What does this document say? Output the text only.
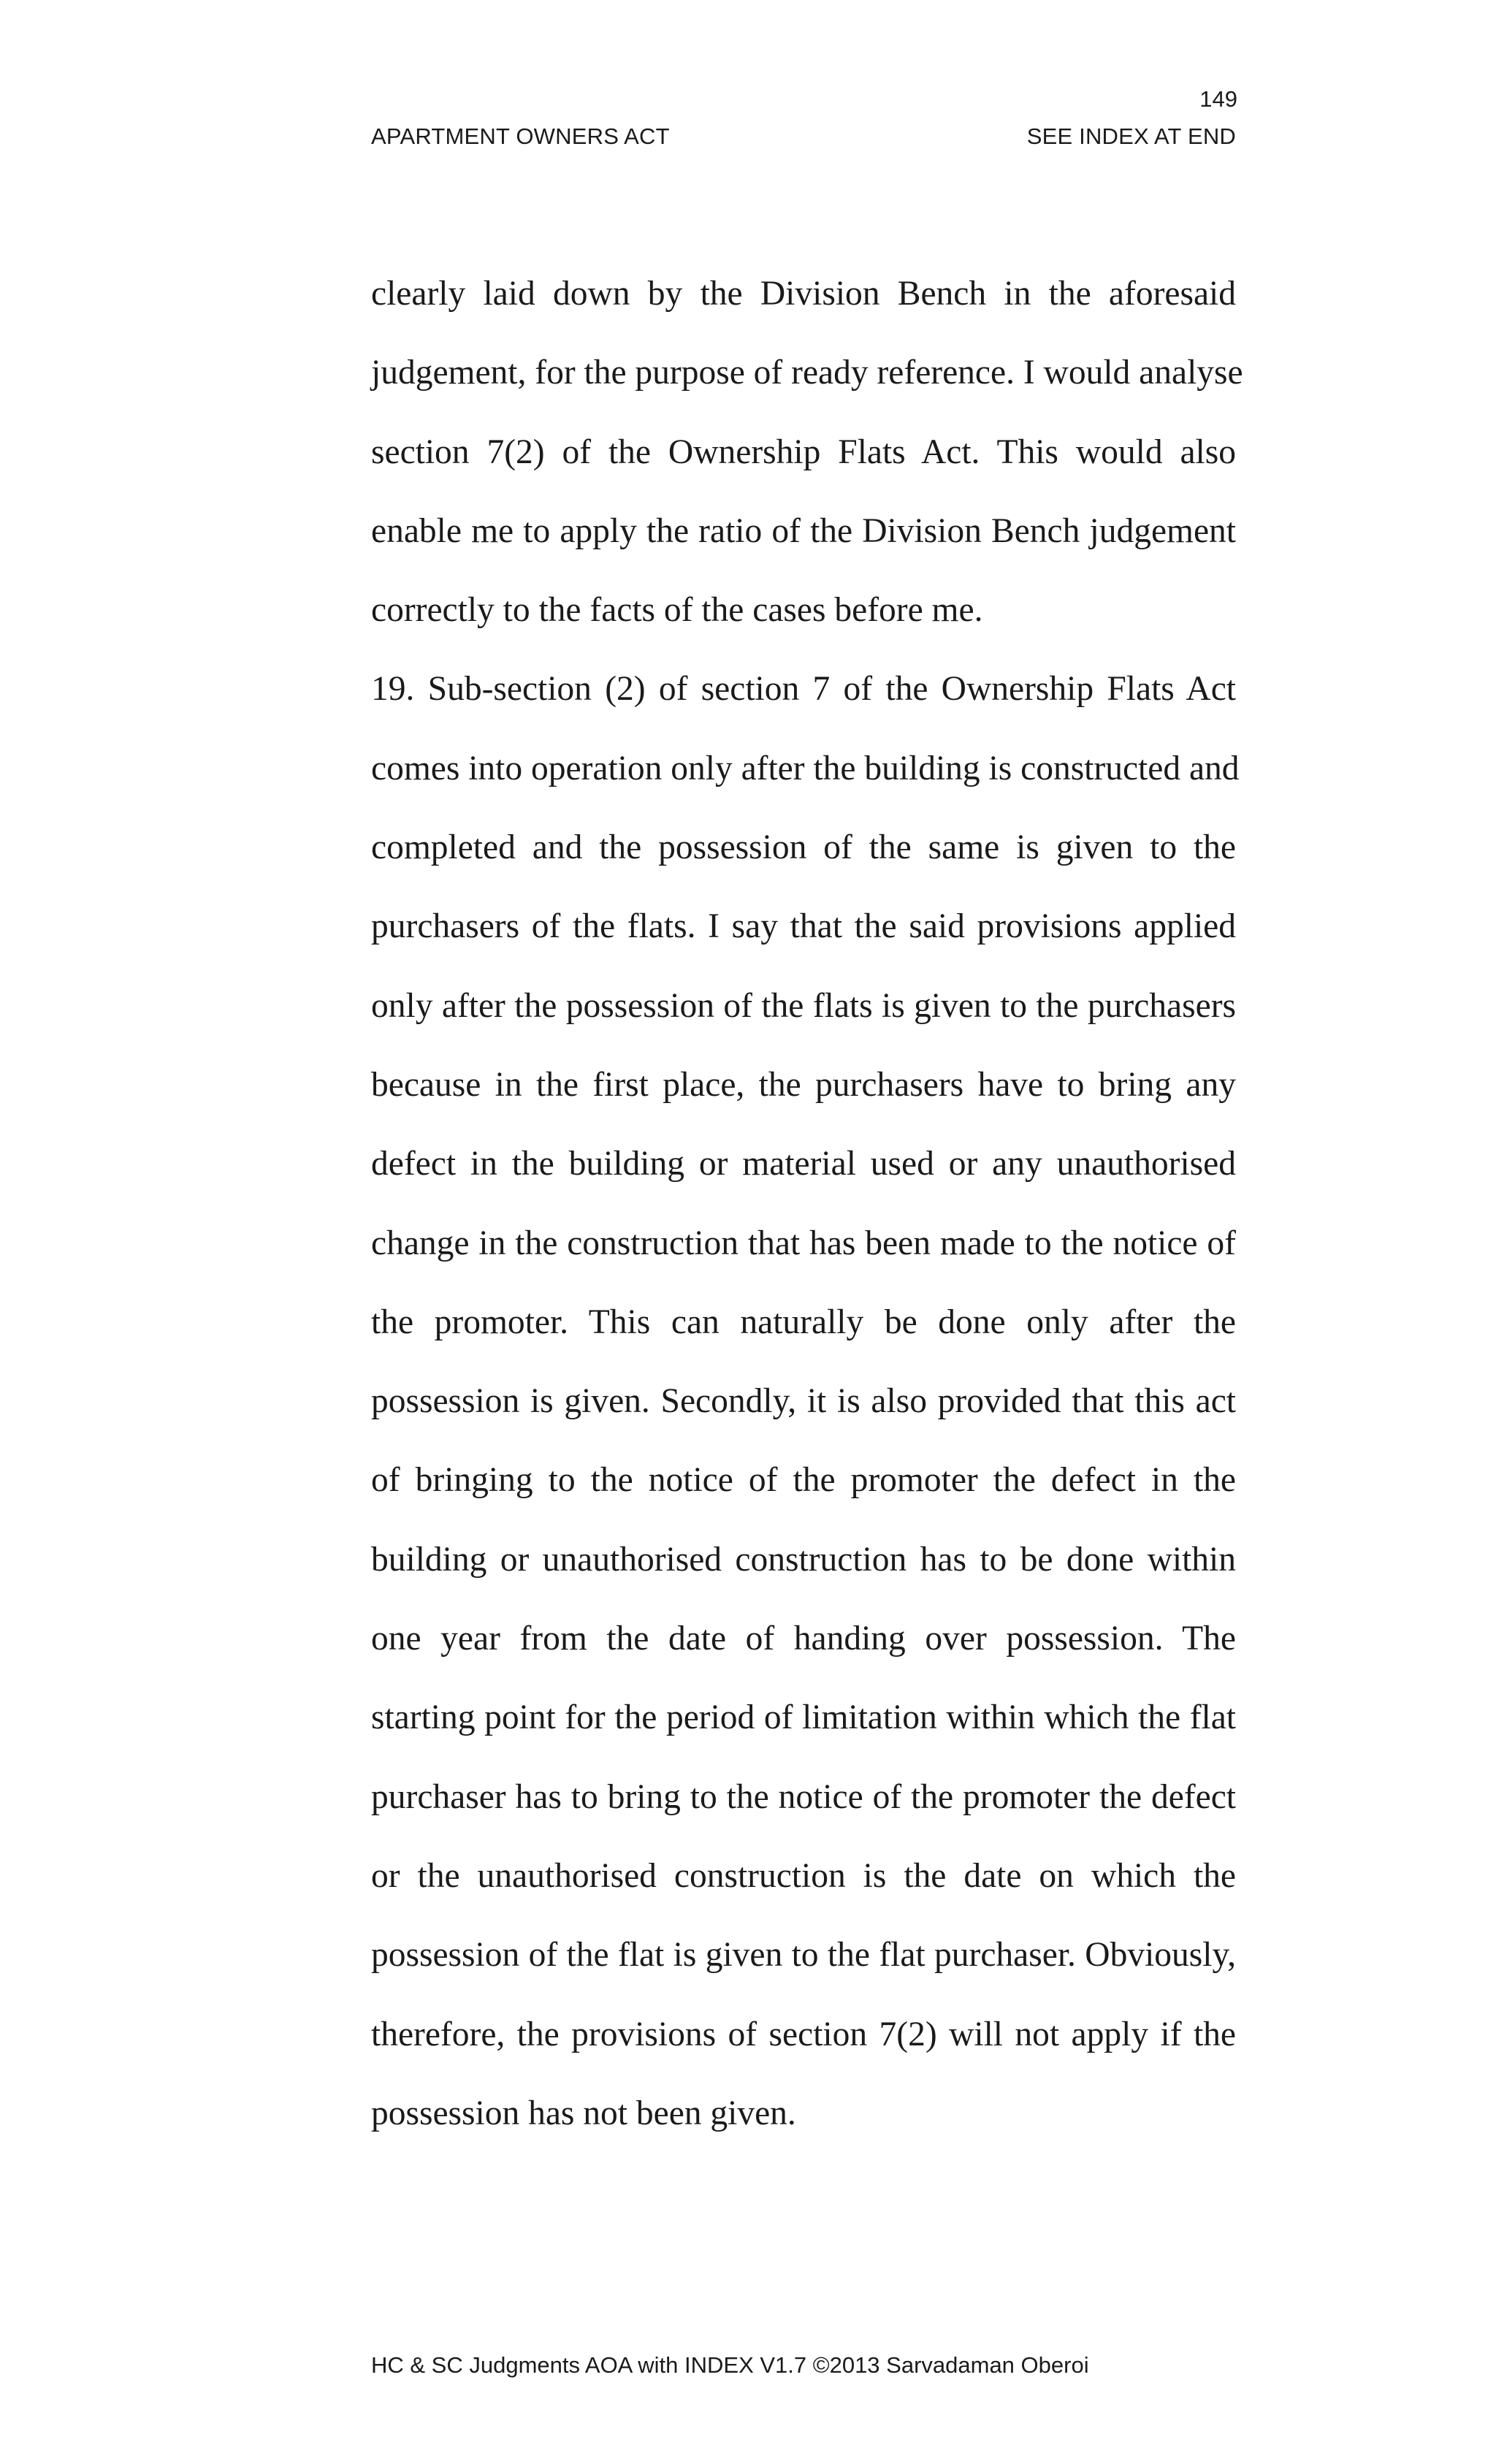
149
APARTMENT OWNERS ACT	SEE INDEX AT END
clearly laid down by the Division Bench in the aforesaid
judgement, for the purpose of ready reference. I would analyse
section 7(2) of the Ownership Flats Act. This would also
enable me to apply the ratio of the Division Bench judgement
correctly to the facts of the cases before me.
19. Sub-section (2) of section 7 of the Ownership Flats Act
comes into operation only after the building is constructed and
completed and the possession of the same is given to the
purchasers of the flats. I say that the said provisions applied
only after the possession of the flats is given to the purchasers
because in the first place, the purchasers have to bring any
defect in the building or material used or any unauthorised
change in the construction that has been made to the notice of
the promoter. This can naturally be done only after the
possession is given. Secondly, it is also provided that this act
of bringing to the notice of the promoter the defect in the
building or unauthorised construction has to be done within
one year from the date of handing over possession. The
starting point for the period of limitation within which the flat
purchaser has to bring to the notice of the promoter the defect
or the unauthorised construction is the date on which the
possession of the flat is given to the flat purchaser. Obviously,
therefore, the provisions of section 7(2) will not apply if the
possession has not been given.
HC & SC Judgments AOA with INDEX V1.7 ©2013 Sarvadaman Oberoi
